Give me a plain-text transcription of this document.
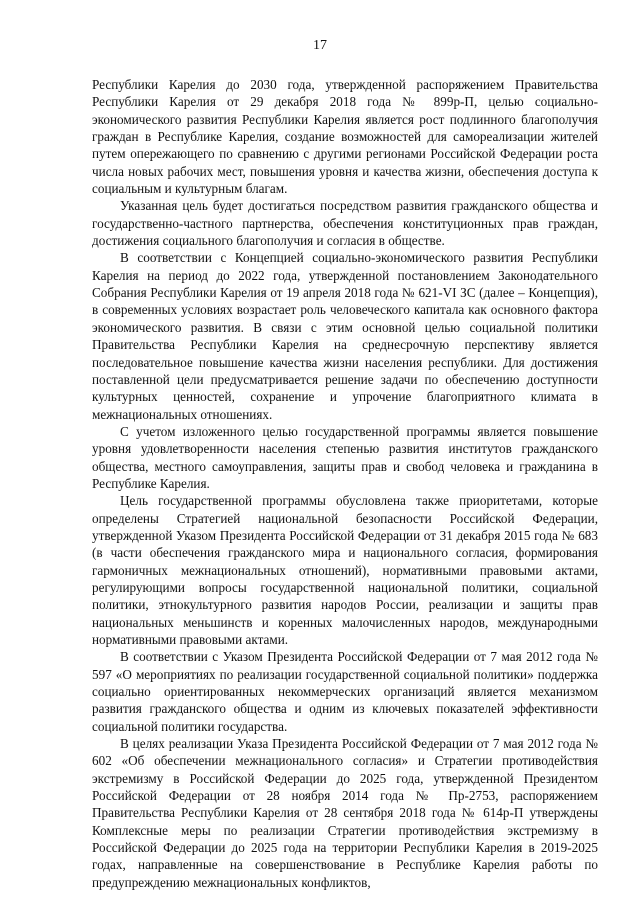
17

Республики Карелия до 2030 года, утвержденной распоряжением Правительства Республики Карелия от 29 декабря 2018 года № 899р-П, целью социально-экономического развития Республики Карелия является рост подлинного благополучия граждан в Республике Карелия, создание возможностей для самореализации жителей путем опережающего по сравнению с другими регионами Российской Федерации роста числа новых рабочих мест, повышения уровня и качества жизни, обеспечения доступа к социальным и культурным благам.

Указанная цель будет достигаться посредством развития гражданского общества и государственно-частного партнерства, обеспечения конституционных прав граждан, достижения социального благополучия и согласия в обществе.

В соответствии с Концепцией социально-экономического развития Республики Карелия на период до 2022 года, утвержденной постановлением Законодательного Собрания Республики Карелия от 19 апреля 2018 года № 621-VI ЗС (далее – Концепция), в современных условиях возрастает роль человеческого капитала как основного фактора экономического развития. В связи с этим основной целью социальной политики Правительства Республики Карелия на среднесрочную перспективу является последовательное повышение качества жизни населения республики. Для достижения поставленной цели предусматривается решение задачи по обеспечению доступности культурных ценностей, сохранение и упрочение благоприятного климата в межнациональных отношениях.

С учетом изложенного целью государственной программы является повышение уровня удовлетворенности населения степенью развития институтов гражданского общества, местного самоуправления, защиты прав и свобод человека и гражданина в Республике Карелия.

Цель государственной программы обусловлена также приоритетами, которые определены Стратегией национальной безопасности Российской Федерации, утвержденной Указом Президента Российской Федерации от 31 декабря 2015 года № 683 (в части обеспечения гражданского мира и национального согласия, формирования гармоничных межнациональных отношений), нормативными правовыми актами, регулирующими вопросы государственной национальной политики, социальной политики, этнокультурного развития народов России, реализации и защиты прав национальных меньшинств и коренных малочисленных народов, международными нормативными правовыми актами.

В соответствии с Указом Президента Российской Федерации от 7 мая 2012 года № 597 «О мероприятиях по реализации государственной социальной политики» поддержка социально ориентированных некоммерческих организаций является механизмом развития гражданского общества и одним из ключевых показателей эффективности социальной политики государства.

В целях реализации Указа Президента Российской Федерации от 7 мая 2012 года № 602 «Об обеспечении межнационального согласия» и Стратегии противодействия экстремизму в Российской Федерации до 2025 года, утвержденной Президентом Российской Федерации от 28 ноября 2014 года № Пр-2753, распоряжением Правительства Республики Карелия от 28 сентября 2018 года № 614р-П утверждены Комплексные меры по реализации Стратегии противодействия экстремизму в Российской Федерации до 2025 года на территории Республики Карелия в 2019-2025 годах, направленные на совершенствование в Республике Карелия работы по предупреждению межнациональных конфликтов,
